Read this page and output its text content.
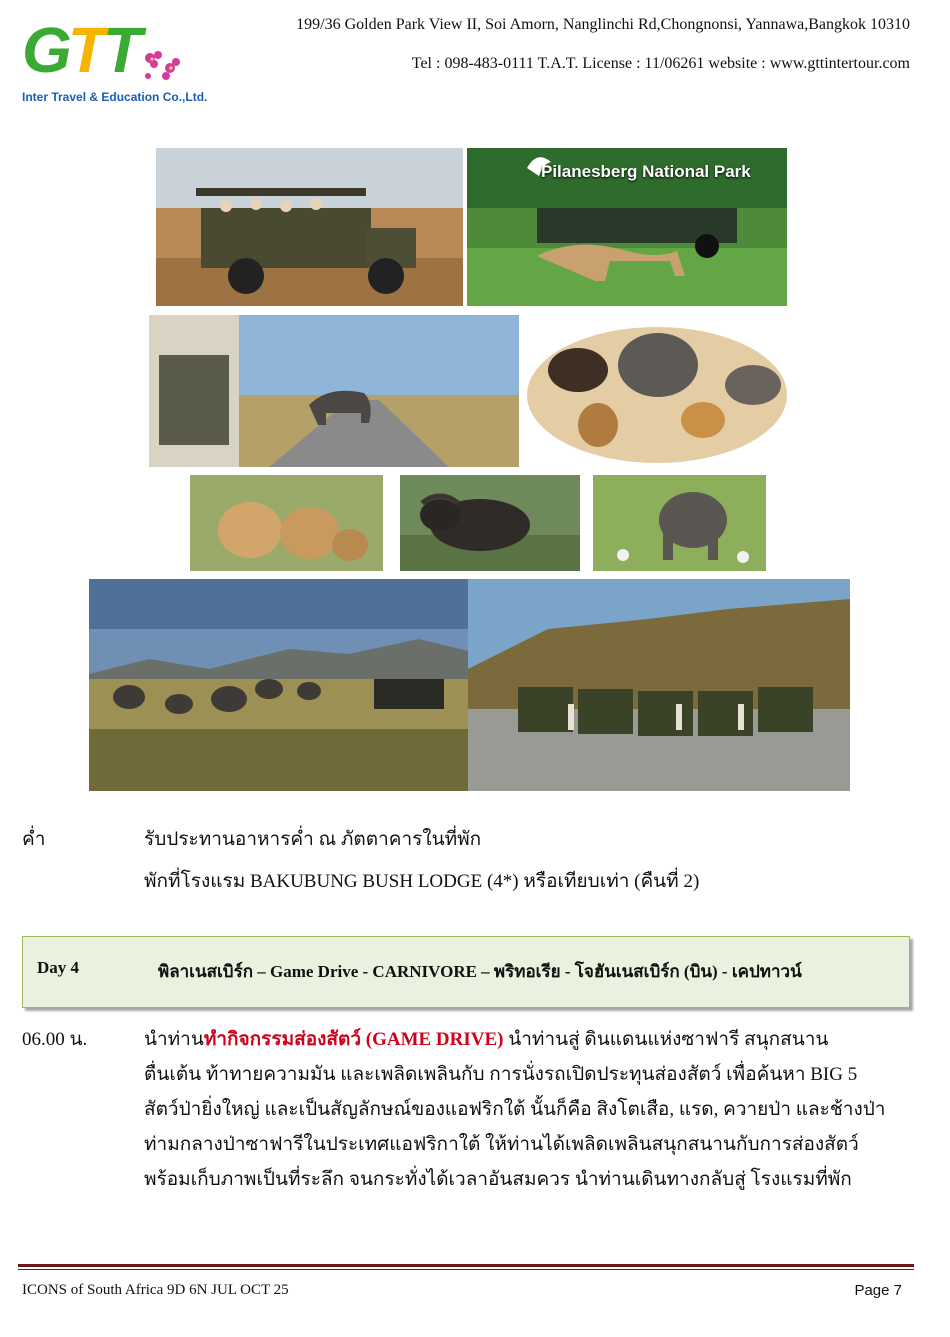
GTT
Inter Travel & Education Co.,Ltd.
199/36 Golden Park View II, Soi Amorn, Nanglinchi Rd,Chongnonsi, Yannawa,Bangkok 10310
Tel : 098-483-0111 T.A.T. License : 11/06261 website : www.gttintertour.com
Pilanesberg National Park
ค่ำ	รับประทานอาหารค่ำ ณ ภัตตาคารในที่พัก
พักที่โรงแรม BAKUBUNG BUSH LODGE (4*) หรือเทียบเท่า (คืนที่ 2)
Day 4	พิลาเนสเบิร์ก – Game Drive - CARNIVORE – พริทอเรีย - โจฮันเนสเบิร์ก (บิน) - เคปทาวน์
06.00 น.	นำท่านทำกิจกรรมส่องสัตว์ (GAME DRIVE) นำท่านสู่ ดินแดนแห่งซาฟารี สนุกสนาน
ตื่นเต้น ท้าทายความมัน และเพลิดเพลินกับ การนั่งรถเปิดประทุนส่องสัตว์ เพื่อค้นหา BIG 5
สัตว์ป่ายิ่งใหญ่ และเป็นสัญลักษณ์ของแอฟริกใต้ นั้นก็คือ สิงโตเสือ, แรด, ควายป่า และช้างป่า
ท่ามกลางป่าซาฟารีในประเทศแอฟริกาใต้ ให้ท่านได้เพลิดเพลินสนุกสนานกับการส่องสัตว์
พร้อมเก็บภาพเป็นที่ระลึก จนกระทั่งได้เวลาอันสมควร นำท่านเดินทางกลับสู่ โรงแรมที่พัก
ICONS of South Africa 9D 6N JUL OCT 25	Page 7
